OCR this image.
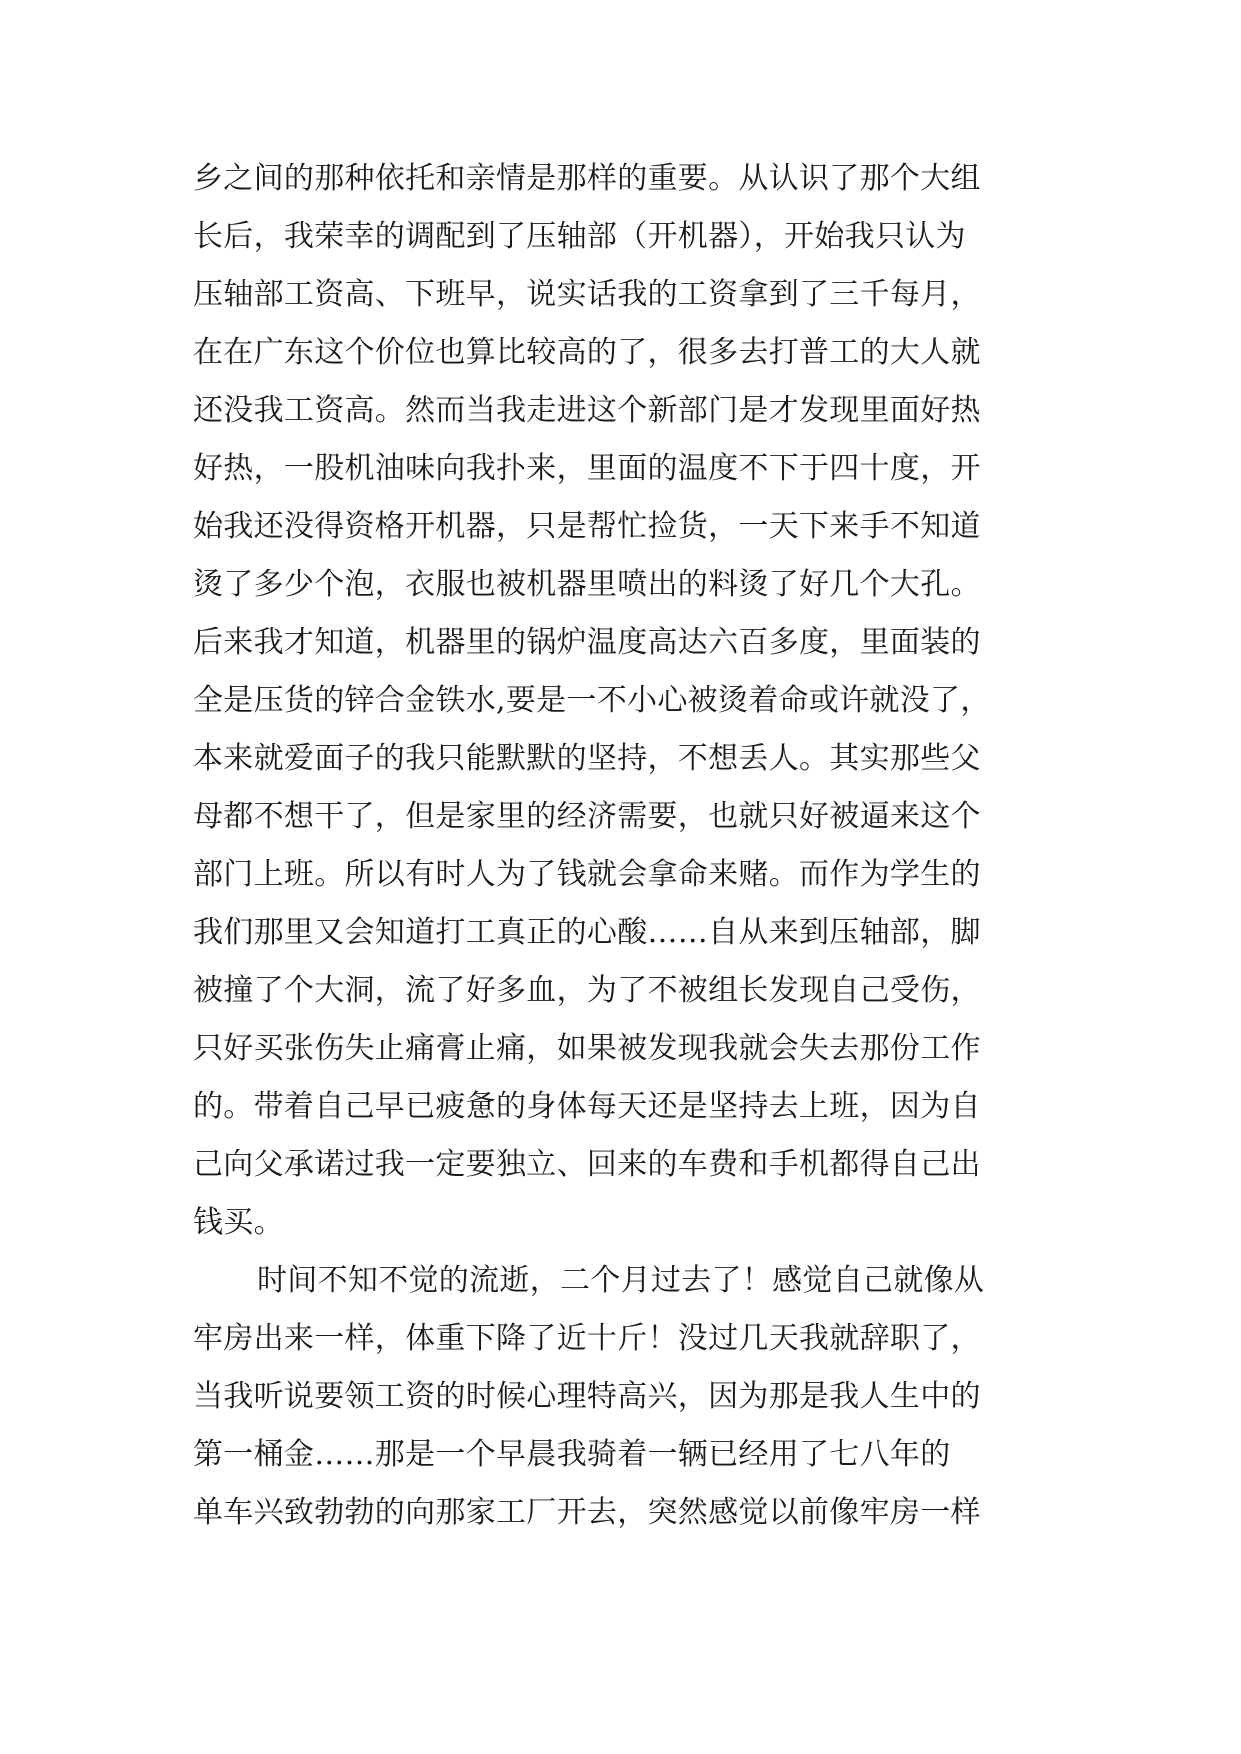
乡之间的那种依托和亲情是那样的重要。从认识了那个大组
长后，我荣幸的调配到了压轴部（开机器），开始我只认为
压轴部工资高、下班早，说实话我的工资拿到了三千每月，
在在广东这个价位也算比较高的了，很多去打普工的大人就
还没我工资高。然而当我走进这个新部门是才发现里面好热
好热，一股机油味向我扑来，里面的温度不下于四十度，开
始我还没得资格开机器，只是帮忙捡货，一天下来手不知道
烫了多少个泡，衣服也被机器里喷出的料烫了好几个大孔。
后来我才知道，机器里的锅炉温度高达六百多度，里面装的
全是压货的锌合金铁水,要是一不小心被烫着命或许就没了，
本来就爱面子的我只能默默的坚持，不想丢人。其实那些父
母都不想干了，但是家里的经济需要，也就只好被逼来这个
部门上班。所以有时人为了钱就会拿命来赌。而作为学生的
我们那里又会知道打工真正的心酸……自从来到压轴部，脚
被撞了个大洞，流了好多血，为了不被组长发现自己受伤，
只好买张伤失止痛膏止痛，如果被发现我就会失去那份工作
的。带着自己早已疲惫的身体每天还是坚持去上班，因为自
己向父承诺过我一定要独立、回来的车费和手机都得自己出
钱买。
时间不知不觉的流逝，二个月过去了！感觉自己就像从
牢房出来一样，体重下降了近十斤！没过几天我就辞职了，
当我听说要领工资的时候心理特高兴，因为那是我人生中的
第一桶金……那是一个早晨我骑着一辆已经用了七八年的
单车兴致勃勃的向那家工厂开去，突然感觉以前像牢房一样
